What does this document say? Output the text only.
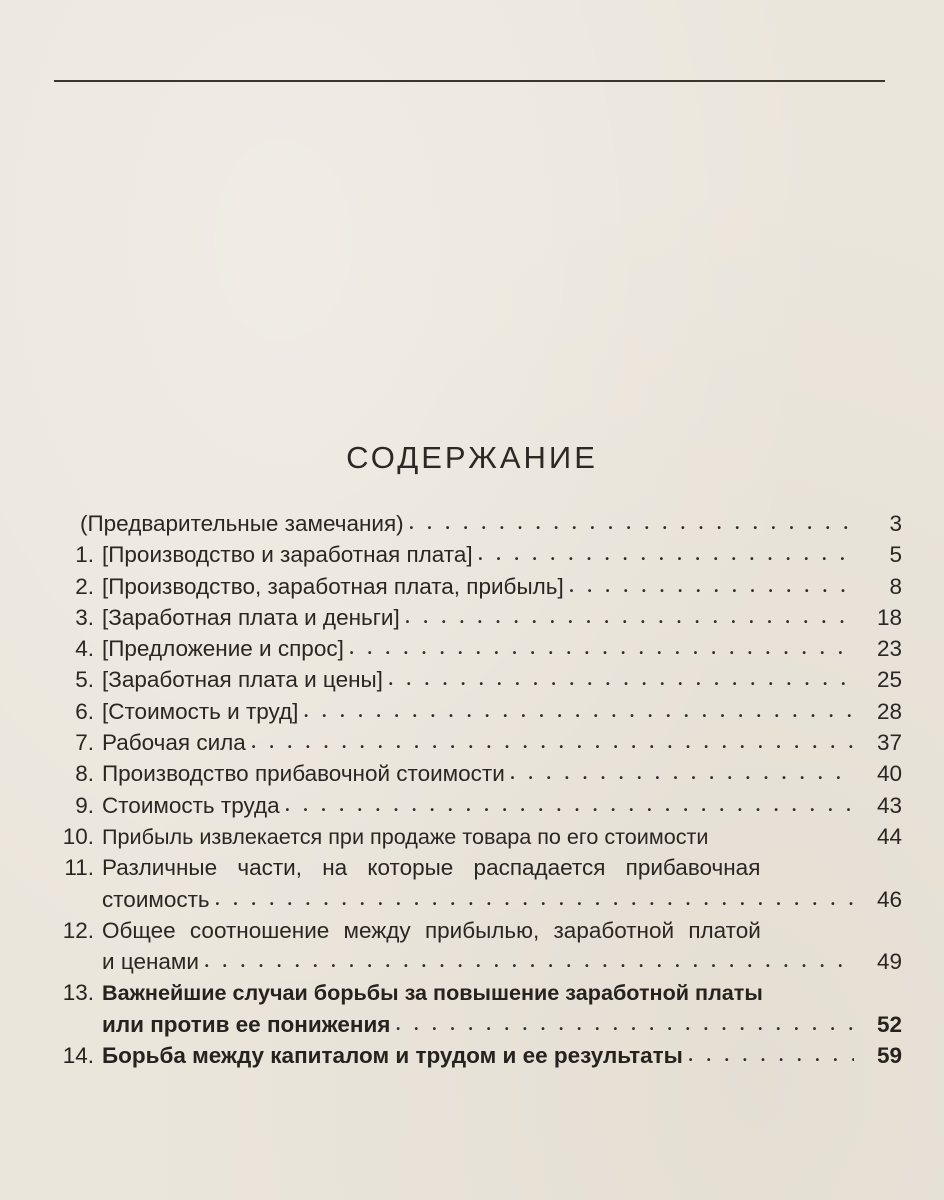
СОДЕРЖАНИЕ
(Предварительные замечания) •••••	3
1. [Производство и заработная плата] •••••	5
2. [Производство, заработная плата, прибыль] •••••	8
3. [Заработная плата и деньги] •••••	18
4. [Предложение и спрос] •••••	23
5. [Заработная плата и цены] •••••	25
6. [Стоимость и труд] •••••	28
7. Рабочая сила •••••	37
8. Производство прибавочной стоимости •••••	40
9. Стоимость труда •••••	43
10. Прибыль извлекается при продаже товара по его стоимости	44
11. Различные части, на которые распадается прибавочная
стоимость •••••	46
12. Общее соотношение между прибылью, заработной платой
и ценами •••••	49
13. Важнейшие случаи борьбы за повышение заработной платы
или против ее понижения •••••	52
14. Борьба между капиталом и трудом и ее результаты •••••	59
